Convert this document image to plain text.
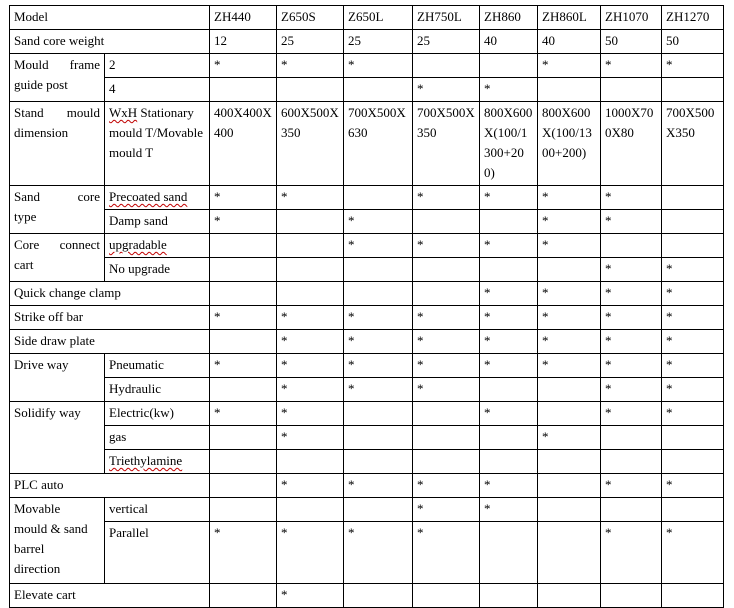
Model		ZH440	Z650S	Z650L	ZH750L	ZH860	ZH860L	ZH1070	ZH1270
Sand core weight		12	25	25	25	40	40	50	50

Mould frame
guide post	2	*	*	*			*	*	*
	4				*	*			

Stand mould
dimension	WxH Stationary mould T/Movable mould T	400X400X400	600X500X350	700X500X630	700X500X350	800X600X(100/1300+200)	800X600X(100/1300+200)	1000X700X80	700X500X350

Sand core
type	Precoated sand	*	*		*	*	*	*	
	Damp sand	*		*			*	*	

Core connect
cart	upgradable			*	*	*	*		
	No upgrade							*	*
Quick change clamp						*	*	*	*
Strike off bar		*	*	*	*	*	*	*	*
Side draw plate			*	*	*	*	*	*	*
Drive way	Pneumatic	*	*	*	*	*	*	*	*
	Hydraulic		*	*	*			*	*
Solidify way	Electric(kw)	*	*			*		*	*
	gas		*				*		
	Triethylamine								
PLC auto			*	*	*	*		*	*

Movable
mould & sand
barrel
direction	vertical				*	*			
	Parallel	*	*	*	*			*	*
Elevate cart			*						
